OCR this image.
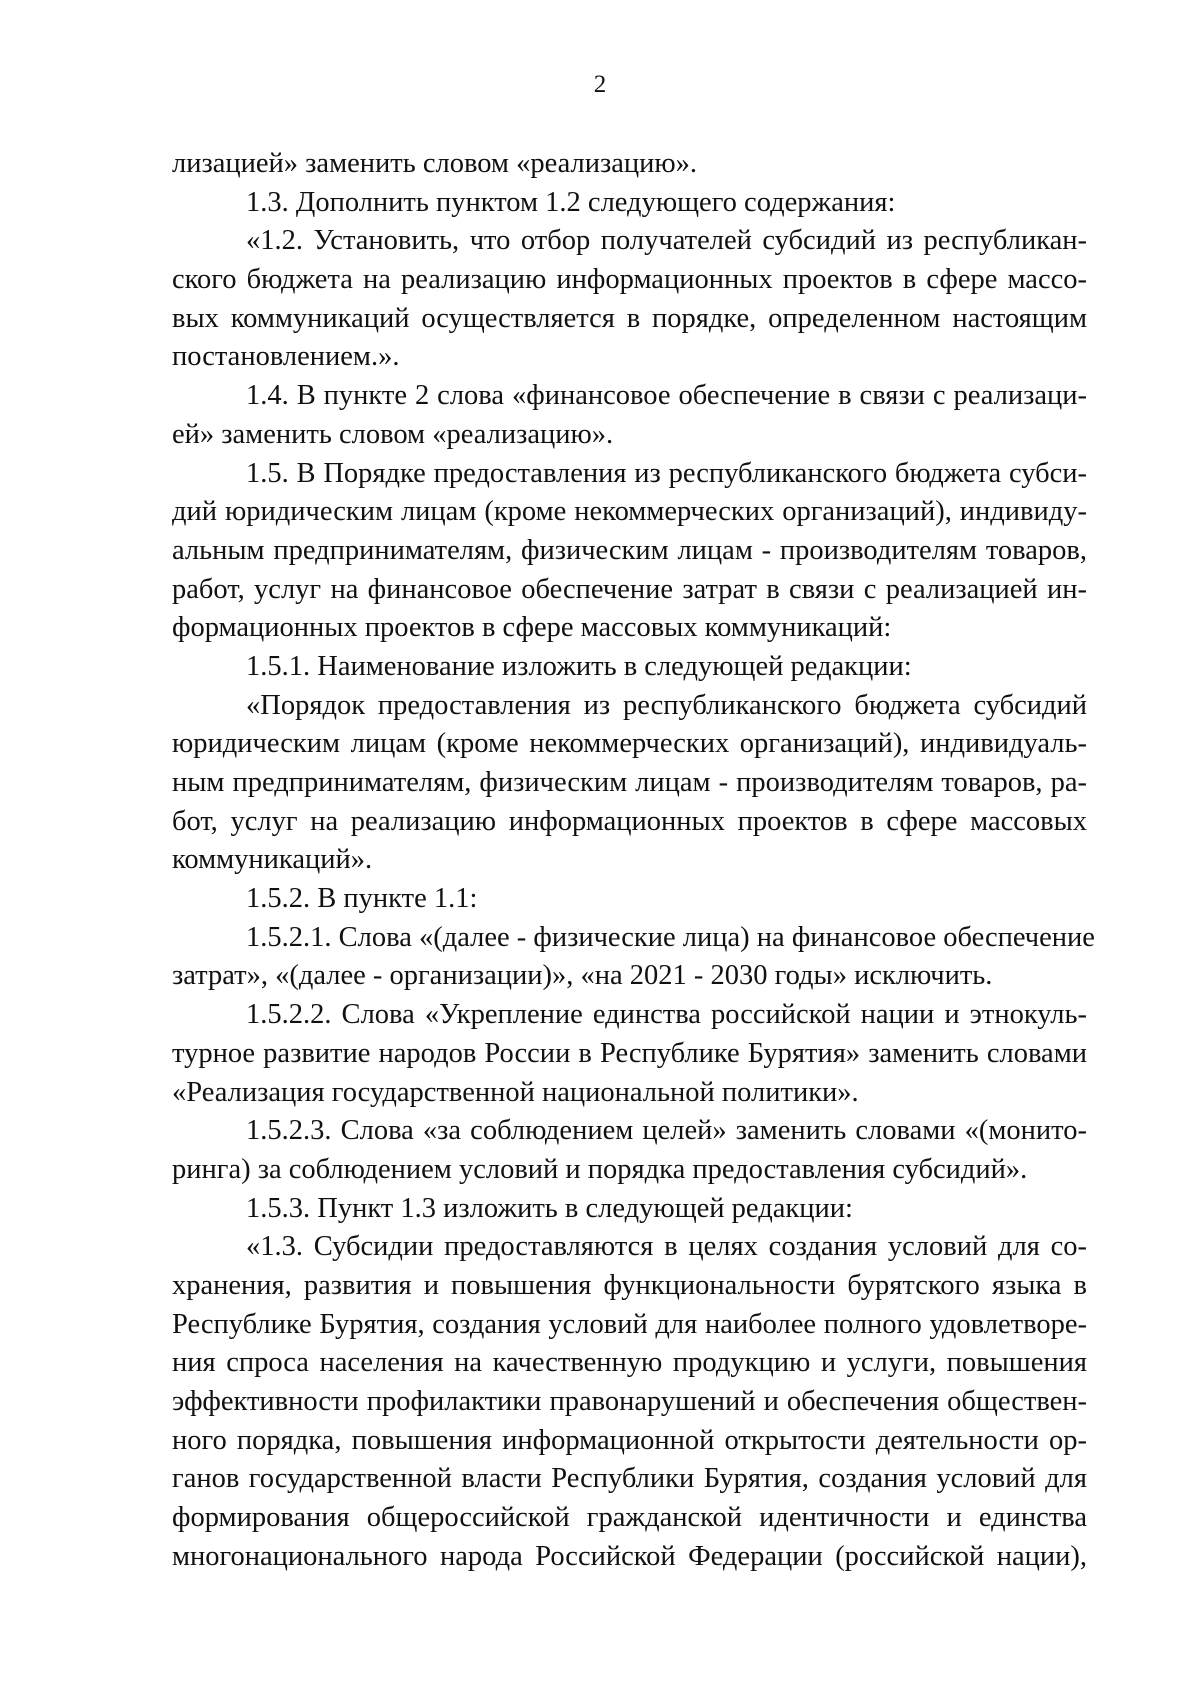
2
лизацией» заменить словом «реализацию».
1.3. Дополнить пунктом 1.2 следующего содержания:
«1.2. Установить, что отбор получателей субсидий из республикан-
ского бюджета на реализацию информационных проектов в сфере массо-
вых коммуникаций осуществляется в порядке, определенном настоящим
постановлением.».
1.4. В пункте 2 слова «финансовое обеспечение в связи с реализаци-
ей» заменить словом «реализацию».
1.5. В Порядке предоставления из республиканского бюджета субси-
дий юридическим лицам (кроме некоммерческих организаций), индивиду-
альным предпринимателям, физическим лицам - производителям товаров,
работ, услуг на финансовое обеспечение затрат в связи с реализацией ин-
формационных проектов в сфере массовых коммуникаций:
1.5.1. Наименование изложить в следующей редакции:
«Порядок предоставления из республиканского бюджета субсидий
юридическим лицам (кроме некоммерческих организаций), индивидуаль-
ным предпринимателям, физическим лицам - производителям товаров, ра-
бот, услуг на реализацию информационных проектов в сфере массовых
коммуникаций».
1.5.2. В пункте 1.1:
1.5.2.1. Слова «(далее - физические лица) на финансовое обеспечение
затрат», «(далее - организации)», «на 2021 - 2030 годы» исключить.
1.5.2.2. Слова «Укрепление единства российской нации и этнокуль-
турное развитие народов России в Республике Бурятия» заменить словами
«Реализация государственной национальной политики».
1.5.2.3. Слова «за соблюдением целей» заменить словами «(монито-
ринга) за соблюдением условий и порядка предоставления субсидий».
1.5.3. Пункт 1.3 изложить в следующей редакции:
«1.3. Субсидии предоставляются в целях создания условий для со-
хранения, развития и повышения функциональности бурятского языка в
Республике Бурятия, создания условий для наиболее полного удовлетворе-
ния спроса населения на качественную продукцию и услуги, повышения
эффективности профилактики правонарушений и обеспечения обществен-
ного порядка, повышения информационной открытости деятельности ор-
ганов государственной власти Республики Бурятия, создания условий для
формирования общероссийской гражданской идентичности и единства
многонационального народа Российской Федерации (российской нации),
